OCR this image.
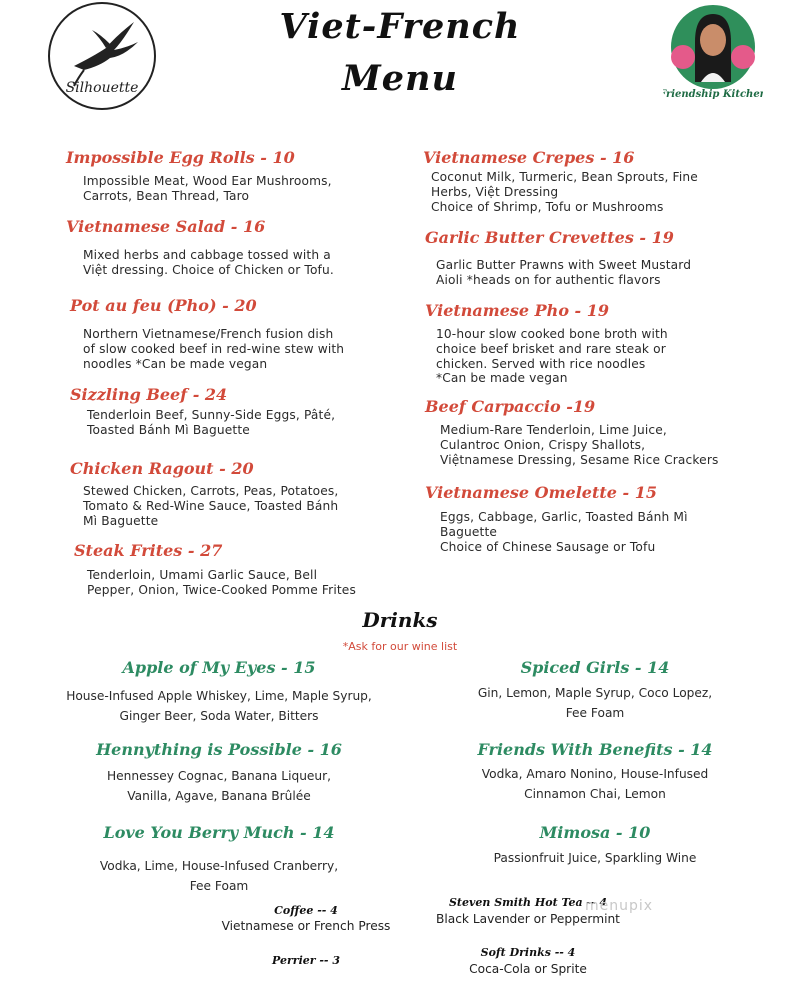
Silhouette	Friendship Kitchen
Viet-French
Menu
Impossible Egg Rolls - 10
Impossible Meat, Wood Ear Mushrooms,
Carrots, Bean Thread, Taro
Vietnamese Salad - 16
Mixed herbs and cabbage tossed with a
Việt dressing. Choice of Chicken or Tofu.
Pot au feu (Pho) - 20
Northern Vietnamese/French fusion dish
of slow cooked beef in red-wine stew with
noodles *Can be made vegan
Sizzling Beef - 24
Tenderloin Beef, Sunny-Side Eggs, Pâté,
Toasted Bánh Mì Baguette
Chicken Ragout - 20
Stewed Chicken, Carrots, Peas, Potatoes,
Tomato & Red-Wine Sauce, Toasted Bánh
Mì Baguette
Steak Frites - 27
Tenderloin, Umami Garlic Sauce, Bell
Pepper, Onion, Twice-Cooked Pomme Frites
Vietnamese Crepes - 16
Coconut Milk, Turmeric, Bean Sprouts, Fine
Herbs, Việt Dressing
Choice of Shrimp, Tofu or Mushrooms
Garlic Butter Crevettes - 19
Garlic Butter Prawns with Sweet Mustard
Aioli *heads on for authentic flavors
Vietnamese Pho - 19
10-hour slow cooked bone broth with
choice beef brisket and rare steak or
chicken. Served with rice noodles
*Can be made vegan
Beef Carpaccio -19
Medium-Rare Tenderloin, Lime Juice,
Culantroc Onion, Crispy Shallots,
Việtnamese Dressing, Sesame Rice Crackers
Vietnamese Omelette - 15
Eggs, Cabbage, Garlic, Toasted Bánh Mì
Baguette
Choice of Chinese Sausage or Tofu
Drinks
*Ask for our wine list
Apple of My Eyes - 15
House-Infused Apple Whiskey, Lime, Maple Syrup,
Ginger Beer, Soda Water, Bitters
Hennything is Possible - 16
Hennessey Cognac, Banana Liqueur,
Vanilla, Agave, Banana Brûlée
Love You Berry Much - 14
Vodka, Lime, House-Infused Cranberry,
Fee Foam
Spiced Girls - 14
Gin, Lemon, Maple Syrup, Coco Lopez,
Fee Foam
Friends With Benefits - 14
Vodka, Amaro Nonino, House-Infused
Cinnamon Chai, Lemon
Mimosa - 10
Passionfruit Juice, Sparkling Wine
Coffee -- 4
Vietnamese or French Press
Steven Smith Hot Tea -- 4
Black Lavender or Peppermint
Perrier -- 3
Soft Drinks -- 4
Coca-Cola or Sprite
menupix
